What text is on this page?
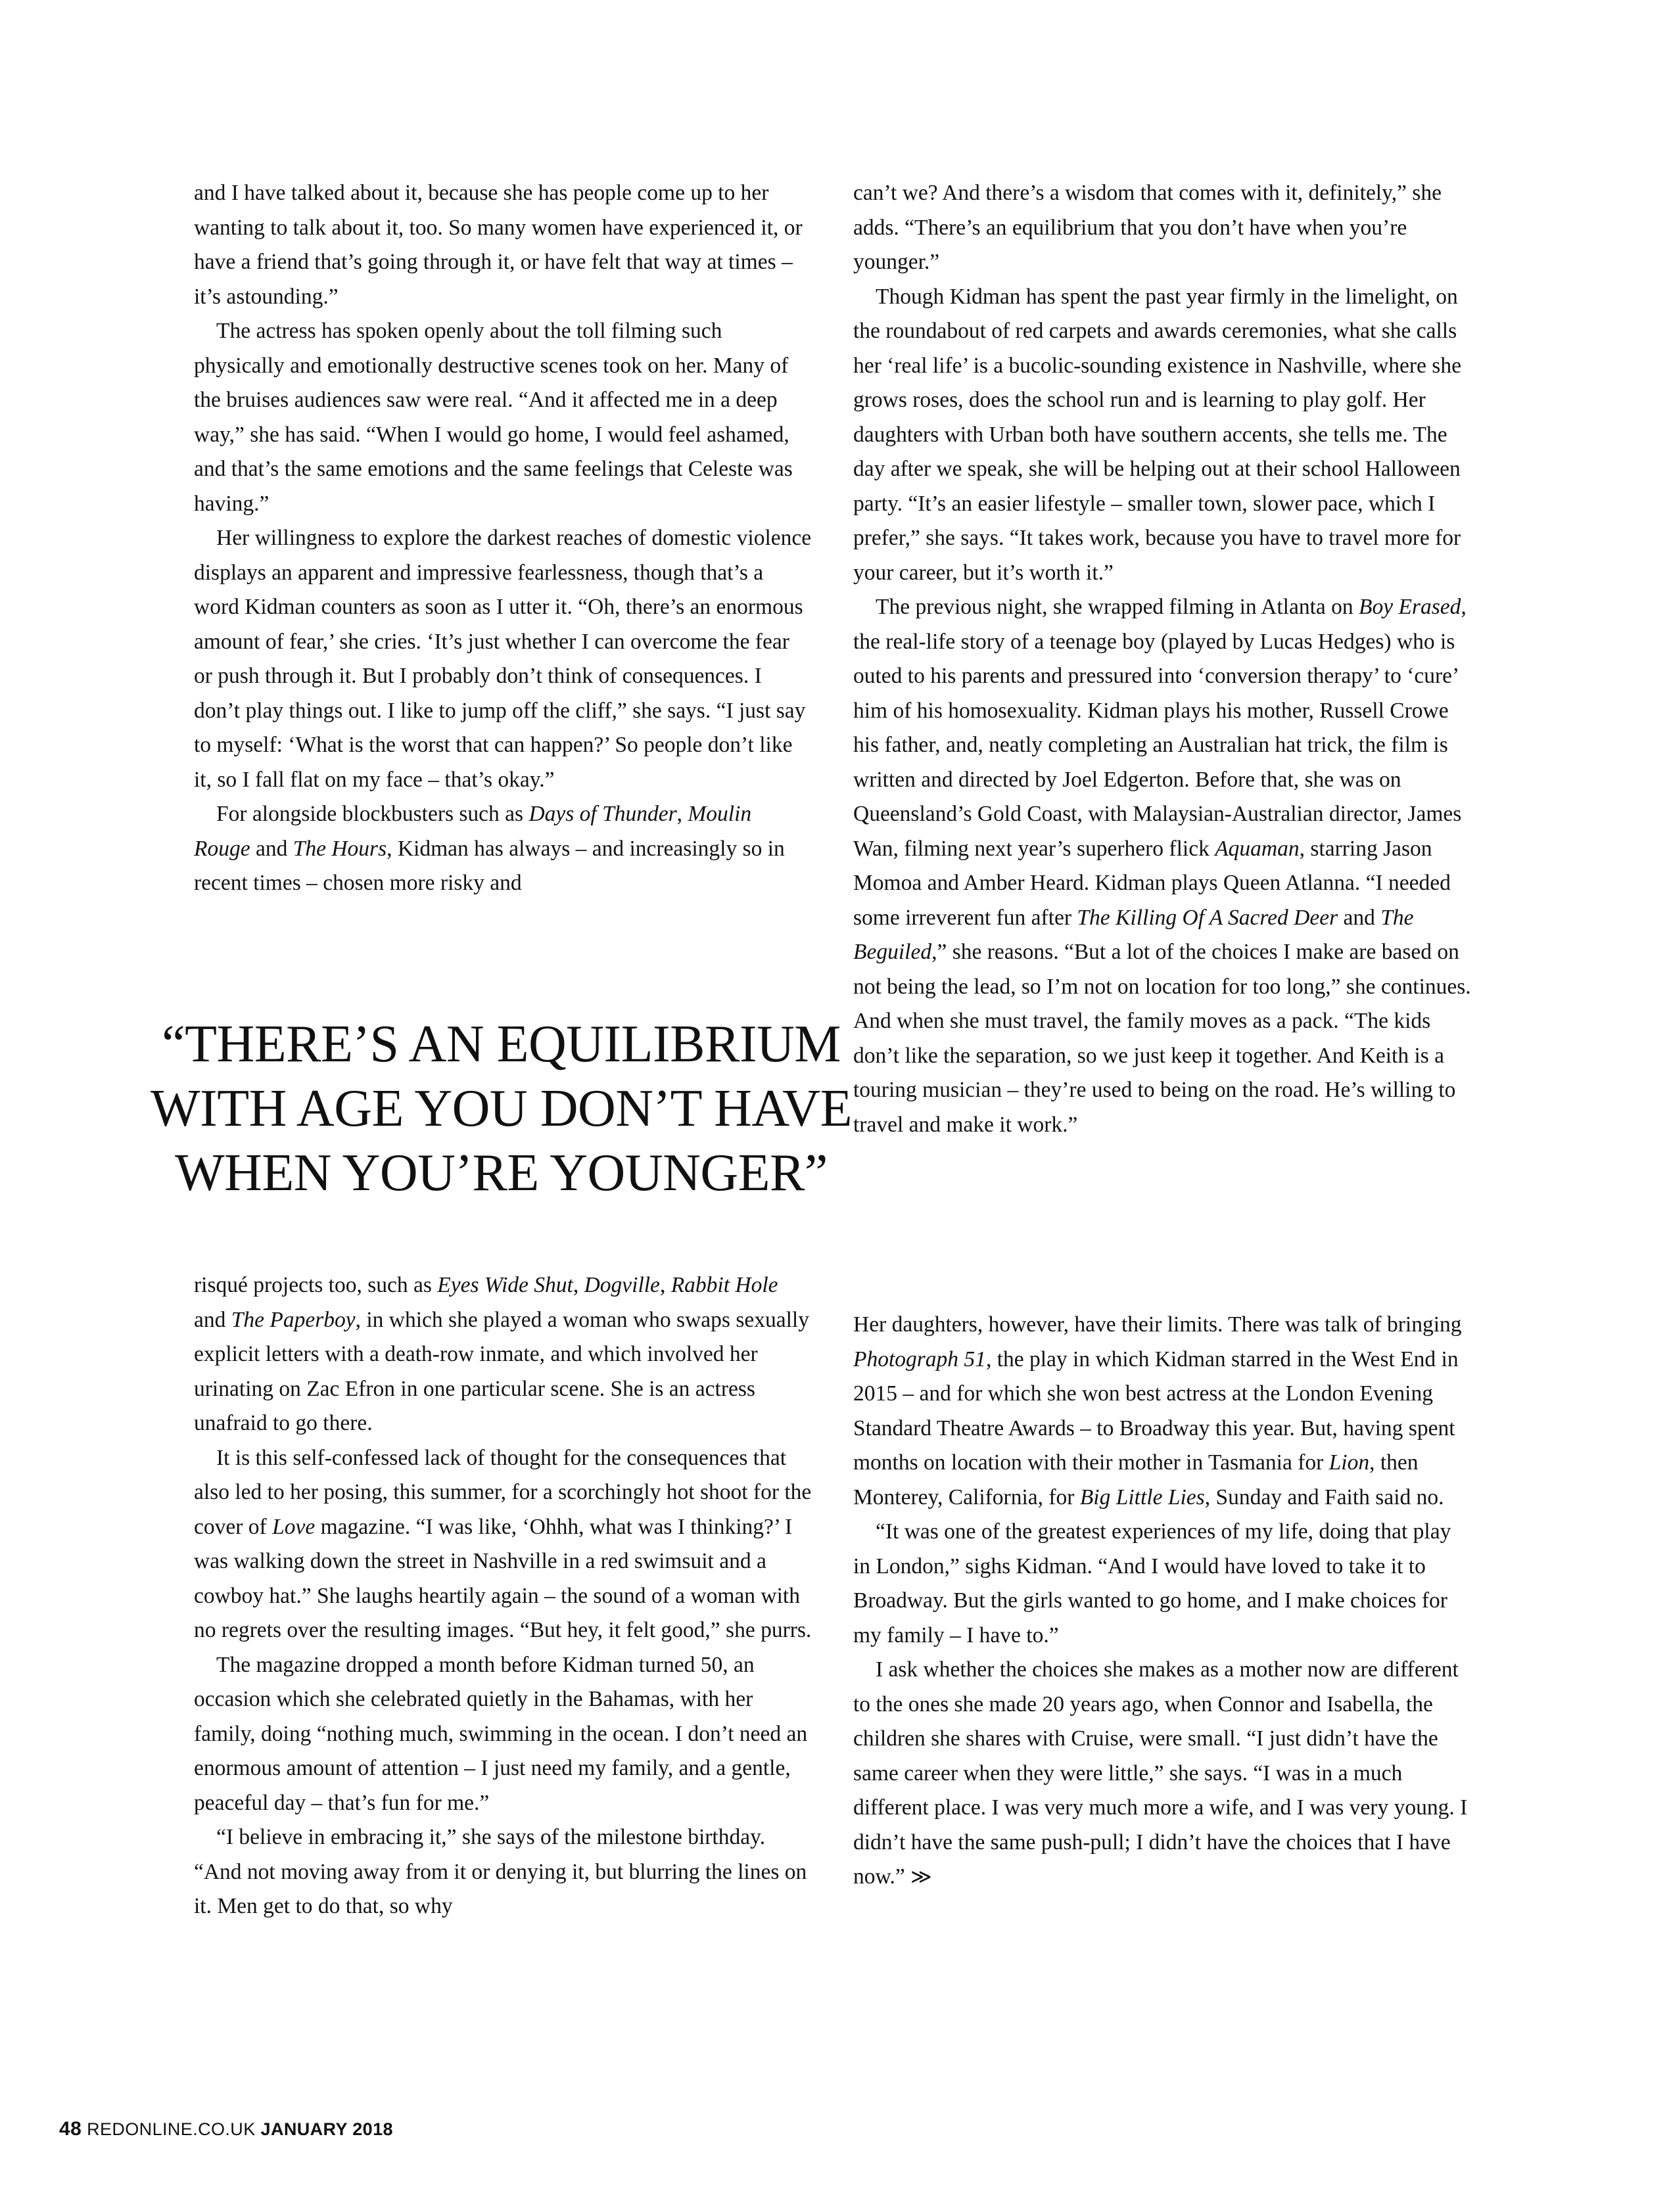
and I have talked about it, because she has people come up to her wanting to talk about it, too. So many women have experienced it, or have a friend that’s going through it, or have felt that way at times – it’s astounding.”

The actress has spoken openly about the toll filming such physically and emotionally destructive scenes took on her. Many of the bruises audiences saw were real. “And it affected me in a deep way,” she has said. “When I would go home, I would feel ashamed, and that’s the same emotions and the same feelings that Celeste was having.”

Her willingness to explore the darkest reaches of domestic violence displays an apparent and impressive fearlessness, though that’s a word Kidman counters as soon as I utter it. “Oh, there’s an enormous amount of fear,’ she cries. ‘It’s just whether I can overcome the fear or push through it. But I probably don’t think of consequences. I don’t play things out. I like to jump off the cliff,” she says. “I just say to myself: ‘What is the worst that can happen?’ So people don’t like it, so I fall flat on my face – that’s okay.”

For alongside blockbusters such as Days of Thunder, Moulin Rouge and The Hours, Kidman has always – and increasingly so in recent times – chosen more risky and

can’t we? And there’s a wisdom that comes with it, definitely,” she adds. “There’s an equilibrium that you don’t have when you’re younger.”

Though Kidman has spent the past year firmly in the limelight, on the roundabout of red carpets and awards ceremonies, what she calls her ‘real life’ is a bucolic-sounding existence in Nashville, where she grows roses, does the school run and is learning to play golf. Her daughters with Urban both have southern accents, she tells me. The day after we speak, she will be helping out at their school Halloween party. “It’s an easier lifestyle – smaller town, slower pace, which I prefer,” she says. “It takes work, because you have to travel more for your career, but it’s worth it.”

The previous night, she wrapped filming in Atlanta on Boy Erased, the real-life story of a teenage boy (played by Lucas Hedges) who is outed to his parents and pressured into ‘conversion therapy’ to ‘cure’ him of his homosexuality. Kidman plays his mother, Russell Crowe his father, and, neatly completing an Australian hat trick, the film is written and directed by Joel Edgerton. Before that, she was on Queensland’s Gold Coast, with Malaysian-Australian director, James Wan, filming next year’s superhero flick Aquaman, starring Jason Momoa and Amber Heard. Kidman plays Queen Atlanna. “I needed some irreverent fun after The Killing Of A Sacred Deer and The Beguiled,” she reasons. “But a lot of the choices I make are based on not being the lead, so I’m not on location for too long,” she continues. And when she must travel, the family moves as a pack. “The kids don’t like the separation, so we just keep it together. And Keith is a touring musician – they’re used to being on the road. He’s willing to travel and make it work.”

“THERE’S AN EQUILIBRIUM
WITH AGE YOU DON’T HAVE
WHEN YOU’RE YOUNGER”

risqué projects too, such as Eyes Wide Shut, Dogville, Rabbit Hole and The Paperboy, in which she played a woman who swaps sexually explicit letters with a death-row inmate, and which involved her urinating on Zac Efron in one particular scene. She is an actress unafraid to go there.

It is this self-confessed lack of thought for the consequences that also led to her posing, this summer, for a scorchingly hot shoot for the cover of Love magazine. “I was like, ‘Ohhh, what was I thinking?’ I was walking down the street in Nashville in a red swimsuit and a cowboy hat.” She laughs heartily again – the sound of a woman with no regrets over the resulting images. “But hey, it felt good,” she purrs.

The magazine dropped a month before Kidman turned 50, an occasion which she celebrated quietly in the Bahamas, with her family, doing “nothing much, swimming in the ocean. I don’t need an enormous amount of attention – I just need my family, and a gentle, peaceful day – that’s fun for me.”

“I believe in embracing it,” she says of the milestone birthday. “And not moving away from it or denying it, but blurring the lines on it. Men get to do that, so why

Her daughters, however, have their limits. There was talk of bringing Photograph 51, the play in which Kidman starred in the West End in 2015 – and for which she won best actress at the London Evening Standard Theatre Awards – to Broadway this year. But, having spent months on location with their mother in Tasmania for Lion, then Monterey, California, for Big Little Lies, Sunday and Faith said no.

“It was one of the greatest experiences of my life, doing that play in London,” sighs Kidman. “And I would have loved to take it to Broadway. But the girls wanted to go home, and I make choices for my family – I have to.”

I ask whether the choices she makes as a mother now are different to the ones she made 20 years ago, when Connor and Isabella, the children she shares with Cruise, were small. “I just didn’t have the same career when they were little,” she says. “I was in a much different place. I was very much more a wife, and I was very young. I didn’t have the same push-pull; I didn’t have the choices that I have now.” ≫

48 REDONLINE.CO.UK JANUARY 2018
